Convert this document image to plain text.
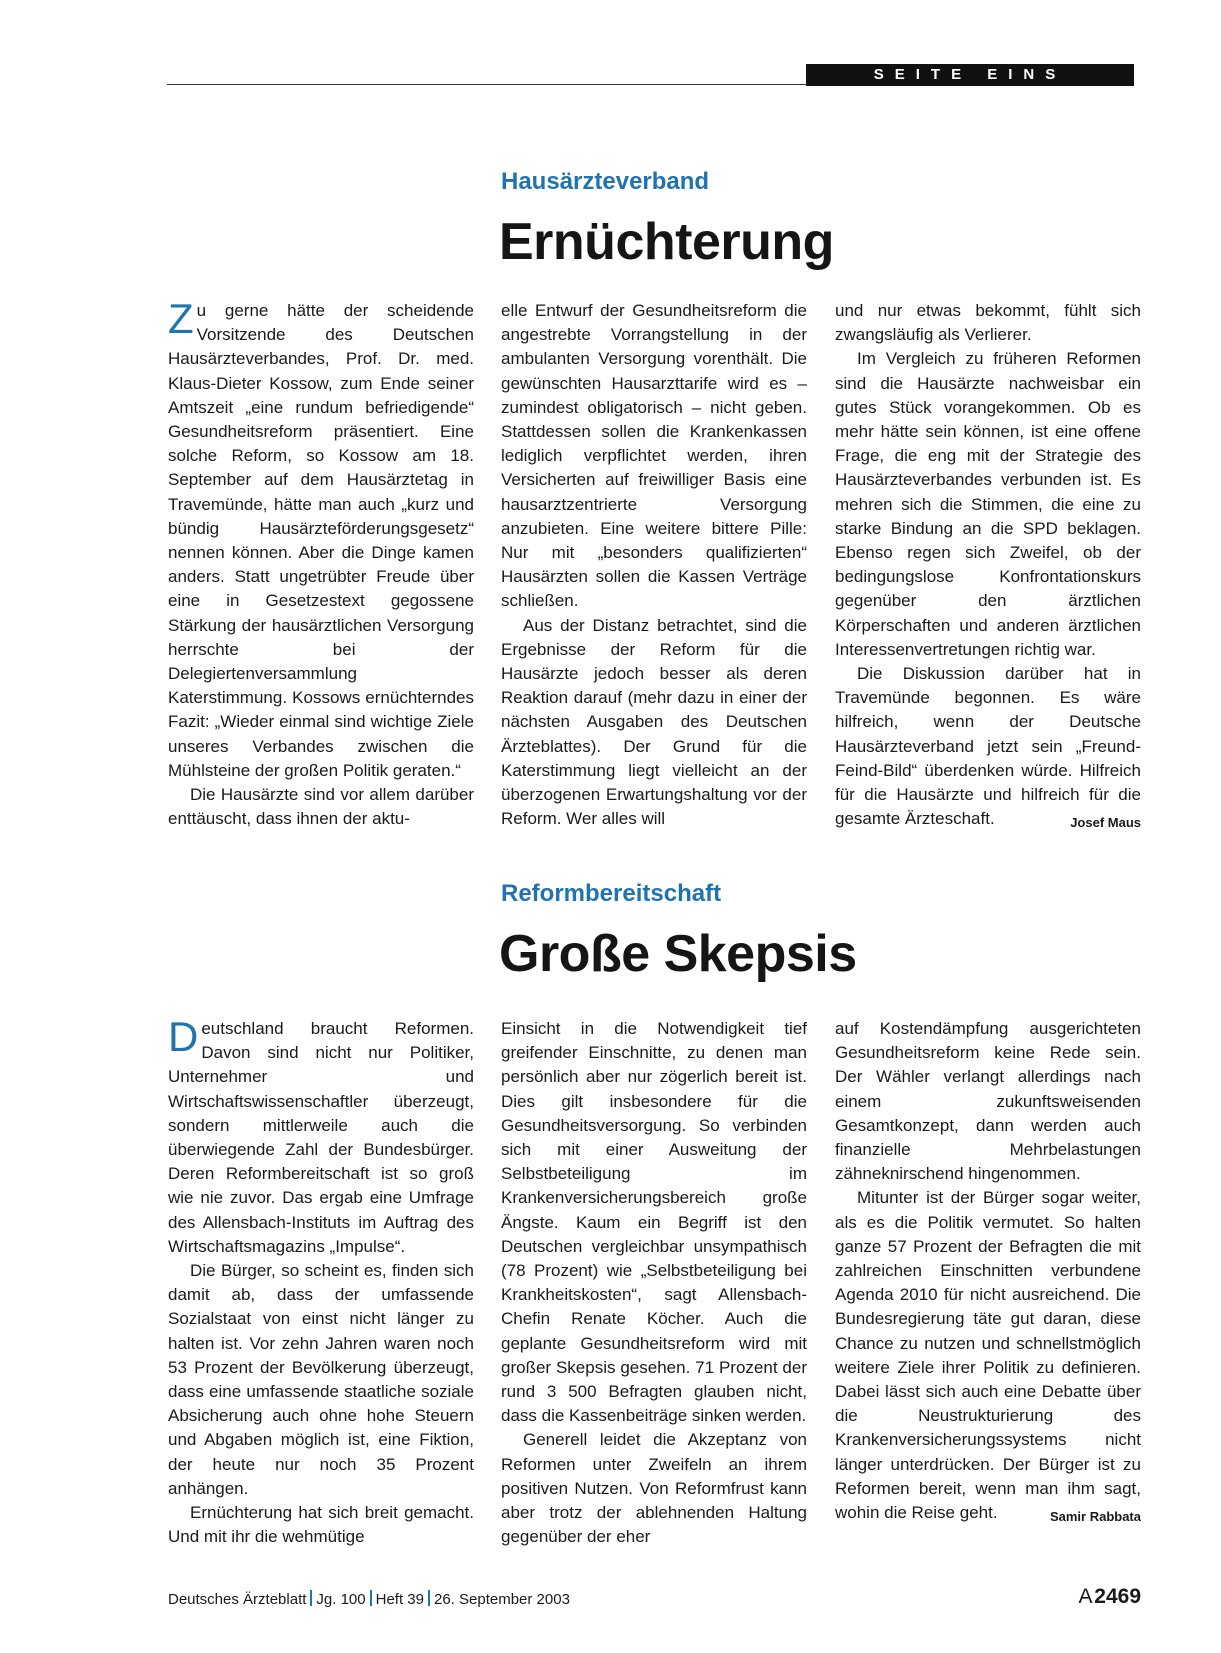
SEITE EINS
Hausärzteverband
Ernüchterung

Zu gerne hätte der scheidende Vorsitzende des Deutschen Hausärzteverbandes, Prof. Dr. med. Klaus-Dieter Kossow, zum Ende seiner Amtszeit „eine rundum befriedigende“ Gesundheitsreform präsentiert. Eine solche Reform, so Kossow am 18. September auf dem Hausärztetag in Travemünde, hätte man auch „kurz und bündig Hausärzteförderungsgesetz“ nennen können. Aber die Dinge kamen anders. Statt ungetrübter Freude über eine in Gesetzestext gegossene Stärkung der hausärztlichen Versorgung herrschte bei der Delegiertenversammlung Katerstimmung. Kossows ernüchterndes Fazit: „Wieder einmal sind wichtige Ziele unseres Verbandes zwischen die Mühlsteine der großen Politik geraten.“

Die Hausärzte sind vor allem darüber enttäuscht, dass ihnen der aktu-

elle Entwurf der Gesundheitsreform die angestrebte Vorrangstellung in der ambulanten Versorgung vorenthält. Die gewünschten Hausarzttarife wird es – zumindest obligatorisch – nicht geben. Stattdessen sollen die Krankenkassen lediglich verpflichtet werden, ihren Versicherten auf freiwilliger Basis eine hausarztzentrierte Versorgung anzubieten. Eine weitere bittere Pille: Nur mit „besonders qualifizierten“ Hausärzten sollen die Kassen Verträge schließen.

Aus der Distanz betrachtet, sind die Ergebnisse der Reform für die Hausärzte jedoch besser als deren Reaktion darauf (mehr dazu in einer der nächsten Ausgaben des Deutschen Ärzteblattes). Der Grund für die Katerstimmung liegt vielleicht an der überzogenen Erwartungshaltung vor der Reform. Wer alles will

und nur etwas bekommt, fühlt sich zwangsläufig als Verlierer.

Im Vergleich zu früheren Reformen sind die Hausärzte nachweisbar ein gutes Stück vorangekommen. Ob es mehr hätte sein können, ist eine offene Frage, die eng mit der Strategie des Hausärzteverbandes verbunden ist. Es mehren sich die Stimmen, die eine zu starke Bindung an die SPD beklagen. Ebenso regen sich Zweifel, ob der bedingungslose Konfrontationskurs gegenüber den ärztlichen Körperschaften und anderen ärztlichen Interessenvertretungen richtig war.

Die Diskussion darüber hat in Travemünde begonnen. Es wäre hilfreich, wenn der Deutsche Hausärzteverband jetzt sein „Freund-Feind-Bild“ überdenken würde. Hilfreich für die Hausärzte und hilfreich für die gesamte Ärzteschaft.	Josef Maus

Reformbereitschaft
Große Skepsis

Deutschland braucht Reformen. Davon sind nicht nur Politiker, Unternehmer und Wirtschaftswissenschaftler überzeugt, sondern mittlerweile auch die überwiegende Zahl der Bundesbürger. Deren Reformbereitschaft ist so groß wie nie zuvor. Das ergab eine Umfrage des Allensbach-Instituts im Auftrag des Wirtschaftsmagazins „Impulse“.

Die Bürger, so scheint es, finden sich damit ab, dass der umfassende Sozialstaat von einst nicht länger zu halten ist. Vor zehn Jahren waren noch 53 Prozent der Bevölkerung überzeugt, dass eine umfassende staatliche soziale Absicherung auch ohne hohe Steuern und Abgaben möglich ist, eine Fiktion, der heute nur noch 35 Prozent anhängen.

Ernüchterung hat sich breit gemacht. Und mit ihr die wehmütige

Einsicht in die Notwendigkeit tief greifender Einschnitte, zu denen man persönlich aber nur zögerlich bereit ist. Dies gilt insbesondere für die Gesundheitsversorgung. So verbinden sich mit einer Ausweitung der Selbstbeteiligung im Krankenversicherungsbereich große Ängste. Kaum ein Begriff ist den Deutschen vergleichbar unsympathisch (78 Prozent) wie „Selbstbeteiligung bei Krankheitskosten“, sagt Allensbach-Chefin Renate Köcher. Auch die geplante Gesundheitsreform wird mit großer Skepsis gesehen. 71 Prozent der rund 3 500 Befragten glauben nicht, dass die Kassenbeiträge sinken werden.

Generell leidet die Akzeptanz von Reformen unter Zweifeln an ihrem positiven Nutzen. Von Reformfrust kann aber trotz der ablehnenden Haltung gegenüber der eher

auf Kostendämpfung ausgerichteten Gesundheitsreform keine Rede sein. Der Wähler verlangt allerdings nach einem zukunftsweisenden Gesamtkonzept, dann werden auch finanzielle Mehrbelastungen zähneknirschend hingenommen.

Mitunter ist der Bürger sogar weiter, als es die Politik vermutet. So halten ganze 57 Prozent der Befragten die mit zahlreichen Einschnitten verbundene Agenda 2010 für nicht ausreichend. Die Bundesregierung täte gut daran, diese Chance zu nutzen und schnellstmöglich weitere Ziele ihrer Politik zu definieren. Dabei lässt sich auch eine Debatte über die Neustrukturierung des Krankenversicherungssystems nicht länger unterdrücken. Der Bürger ist zu Reformen bereit, wenn man ihm sagt, wohin die Reise geht.	Samir Rabbata

Deutsches Ärzteblatt Jg. 100 Heft 39 26. September 2003	A 2469
